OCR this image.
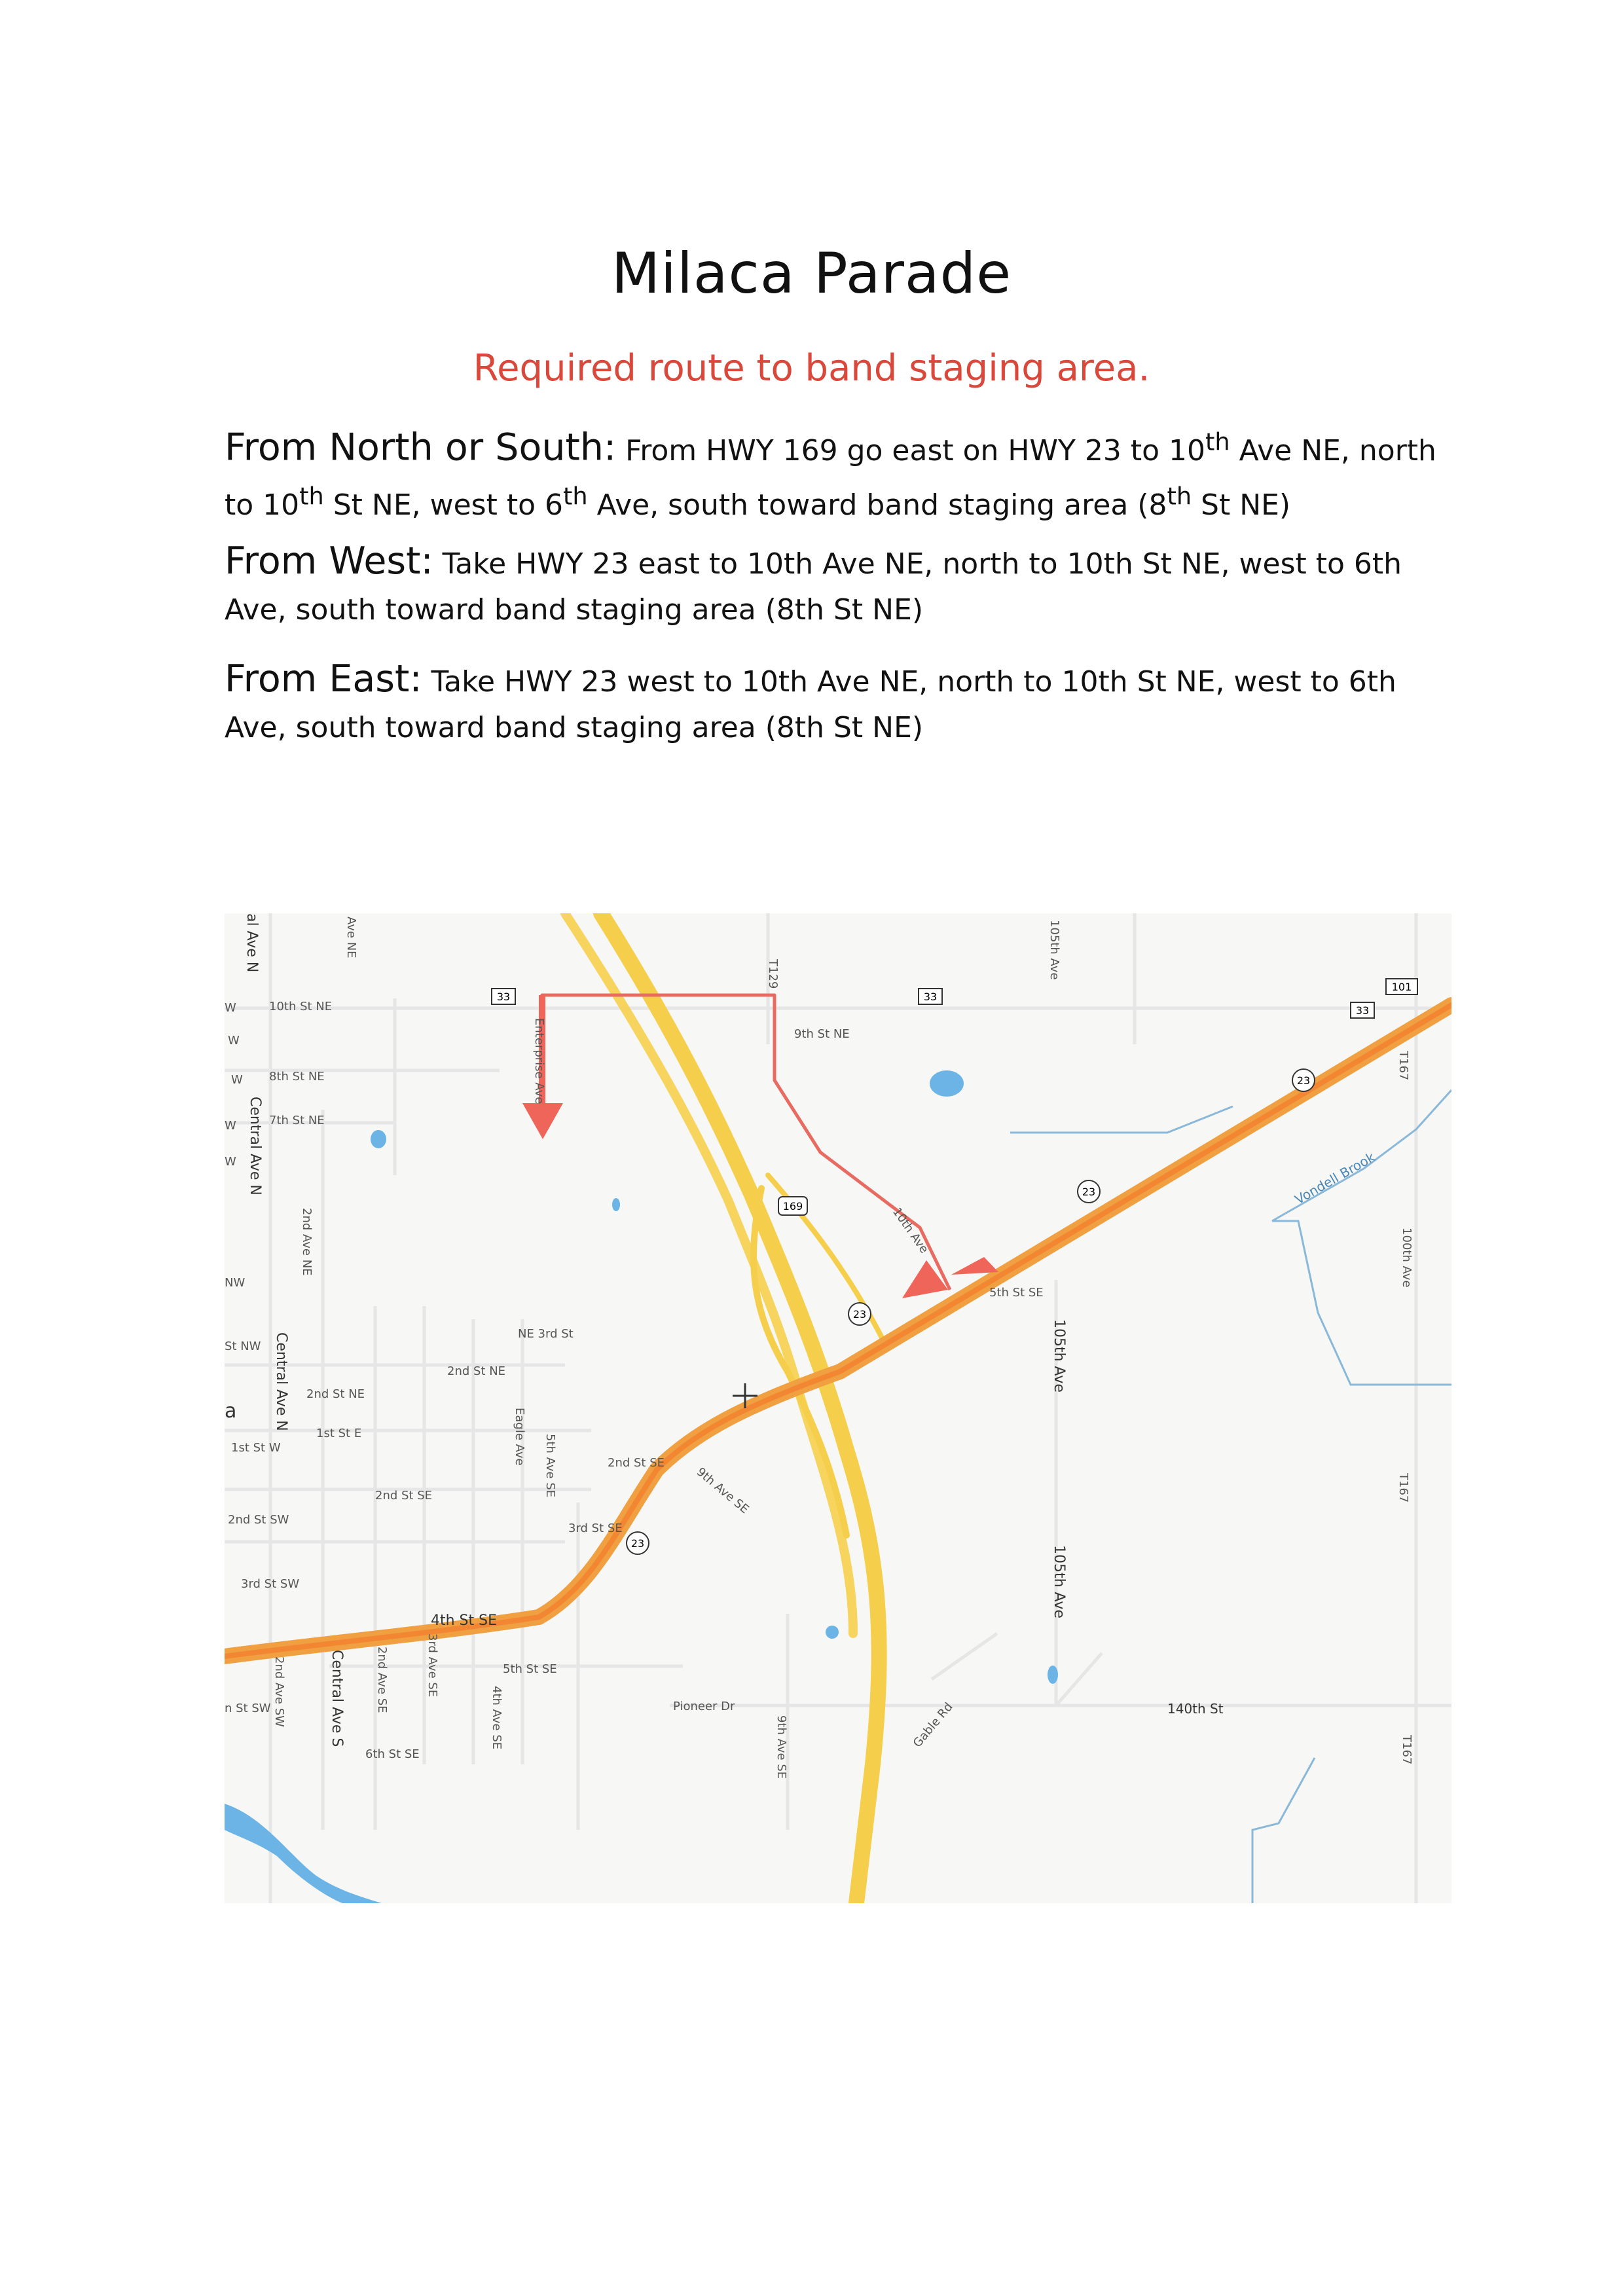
Milaca Parade
Required route to band staging area.
From North or South: From HWY 169 go east on HWY 23 to 10th Ave NE, north to 10th St NE, west to 6th Ave, south toward band staging area (8th St NE)
From West: Take HWY 23 east to 10th Ave NE, north to 10th St NE, west to 6th Ave, south toward band staging area (8th St NE)
From East: Take HWY 23 west to 10th Ave NE, north to 10th St NE, west to 6th Ave, south toward band staging area (8th St NE)
33	33
33
101
169
23
23
23
23
10th St NE
8th St NE
7th St NE
9th St NE
NE 3rd St
2nd St NE
2nd St NE
1st St E
1st St W
2nd St SW
3rd St SW
2nd St SE
2nd St SE
3rd St SE
4th St SE
5th St SE
5th St SE
6th St SE
140th St
Pioneer Dr	Gable Rd
105th Ave
105th Ave
105th Ave
100th Ave
Central Ave N
Central Ave N
Central Ave S
Enterprise Ave
2nd Ave NE
Eagle Ave 5th Ave SE	9th Ave SE
9th Ave SE
2nd Ave SW	2nd Ave SE	3rd Ave SE
4th Ave SE
10th Ave
Vondell Brook
T129
T167
T167
T167
Ave NE
al Ave N
W
W
W
W
W
NW
St NW
a
n St SW
